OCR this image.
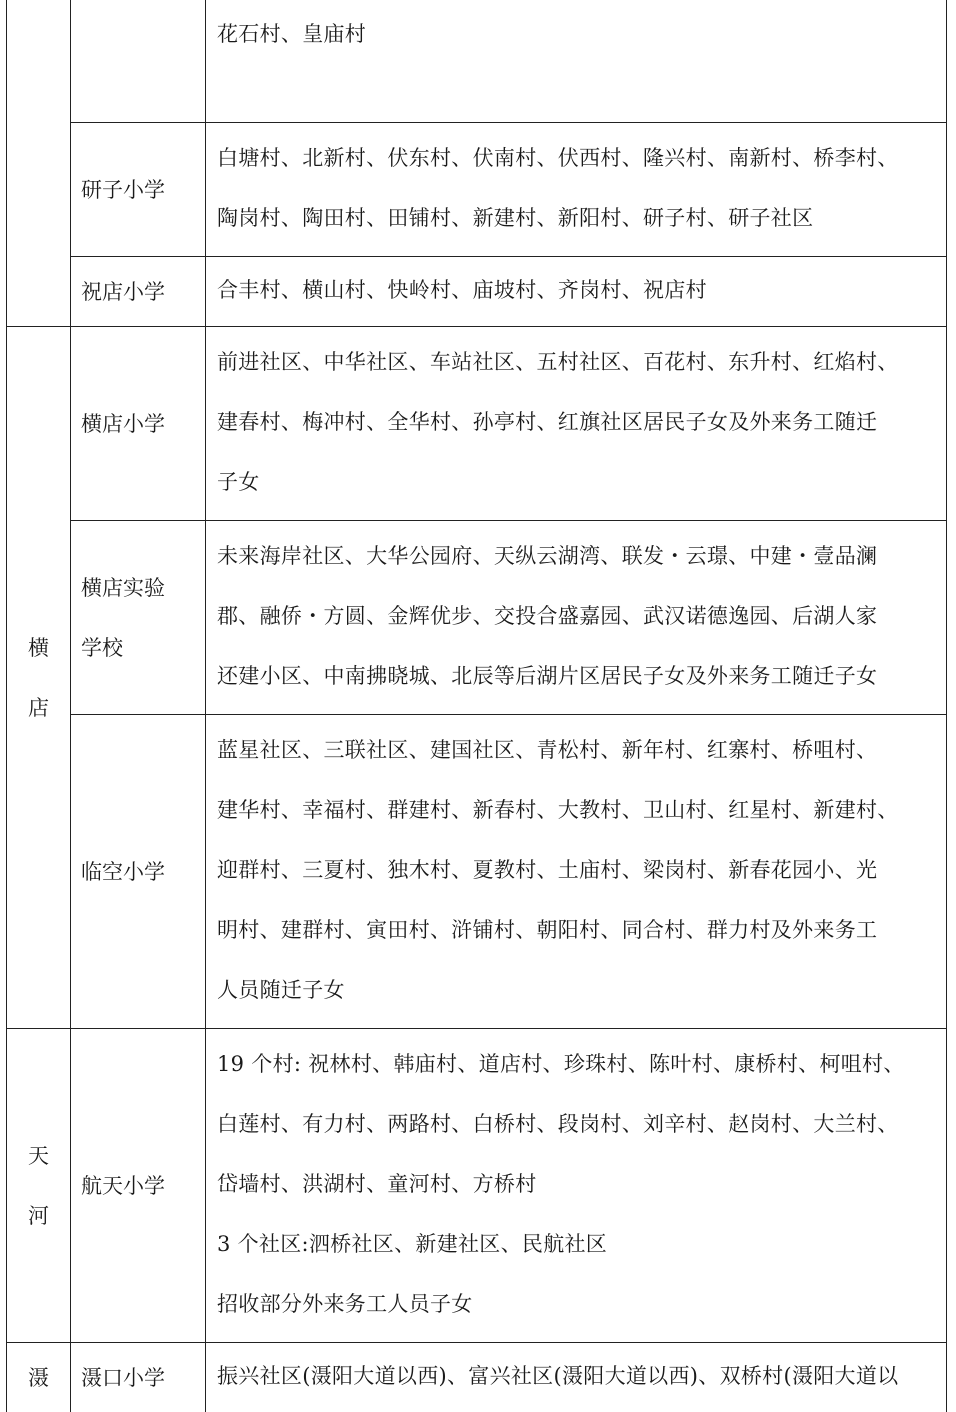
		花石村、皇庙村

	研子小学	白塘村、北新村、伏东村、伏南村、伏西村、隆兴村、南新村、桥李村、
陶岗村、陶田村、田铺村、新建村、新阳村、研子村、研子社区

	祝店小学	合丰村、横山村、快岭村、庙坡村、齐岗村、祝店村

横
店	横店小学	前进社区、中华社区、车站社区、五村社区、百花村、东升村、红焰村、
建春村、梅冲村、全华村、孙亭村、红旗社区居民子女及外来务工随迁
子女

	横店实验
学校	未来海岸社区、大华公园府、天纵云湖湾、联发・云璟、中建・壹品澜
郡、融侨・方圆、金辉优步、交投合盛嘉园、武汉诺德逸园、后湖人家
还建小区、中南拂晓城、北辰等后湖片区居民子女及外来务工随迁子女

	临空小学	蓝星社区、三联社区、建国社区、青松村、新年村、红寨村、桥咀村、
建华村、幸福村、群建村、新春村、大教村、卫山村、红星村、新建村、
迎群村、三夏村、独木村、夏教村、土庙村、梁岗村、新春花园小、光
明村、建群村、寅田村、浒铺村、朝阳村、同合村、群力村及外来务工
人员随迁子女

天
河	航天小学	19 个村: 祝林村、韩庙村、道店村、珍珠村、陈叶村、康桥村、柯咀村、
白莲村、有力村、两路村、白桥村、段岗村、刘辛村、赵岗村、大兰村、
岱墙村、洪湖村、童河村、方桥村
3 个社区:泗桥社区、新建社区、民航社区
招收部分外来务工人员子女

滠	滠口小学	振兴社区(滠阳大道以西)、富兴社区(滠阳大道以西)、双桥村(滠阳大道以
